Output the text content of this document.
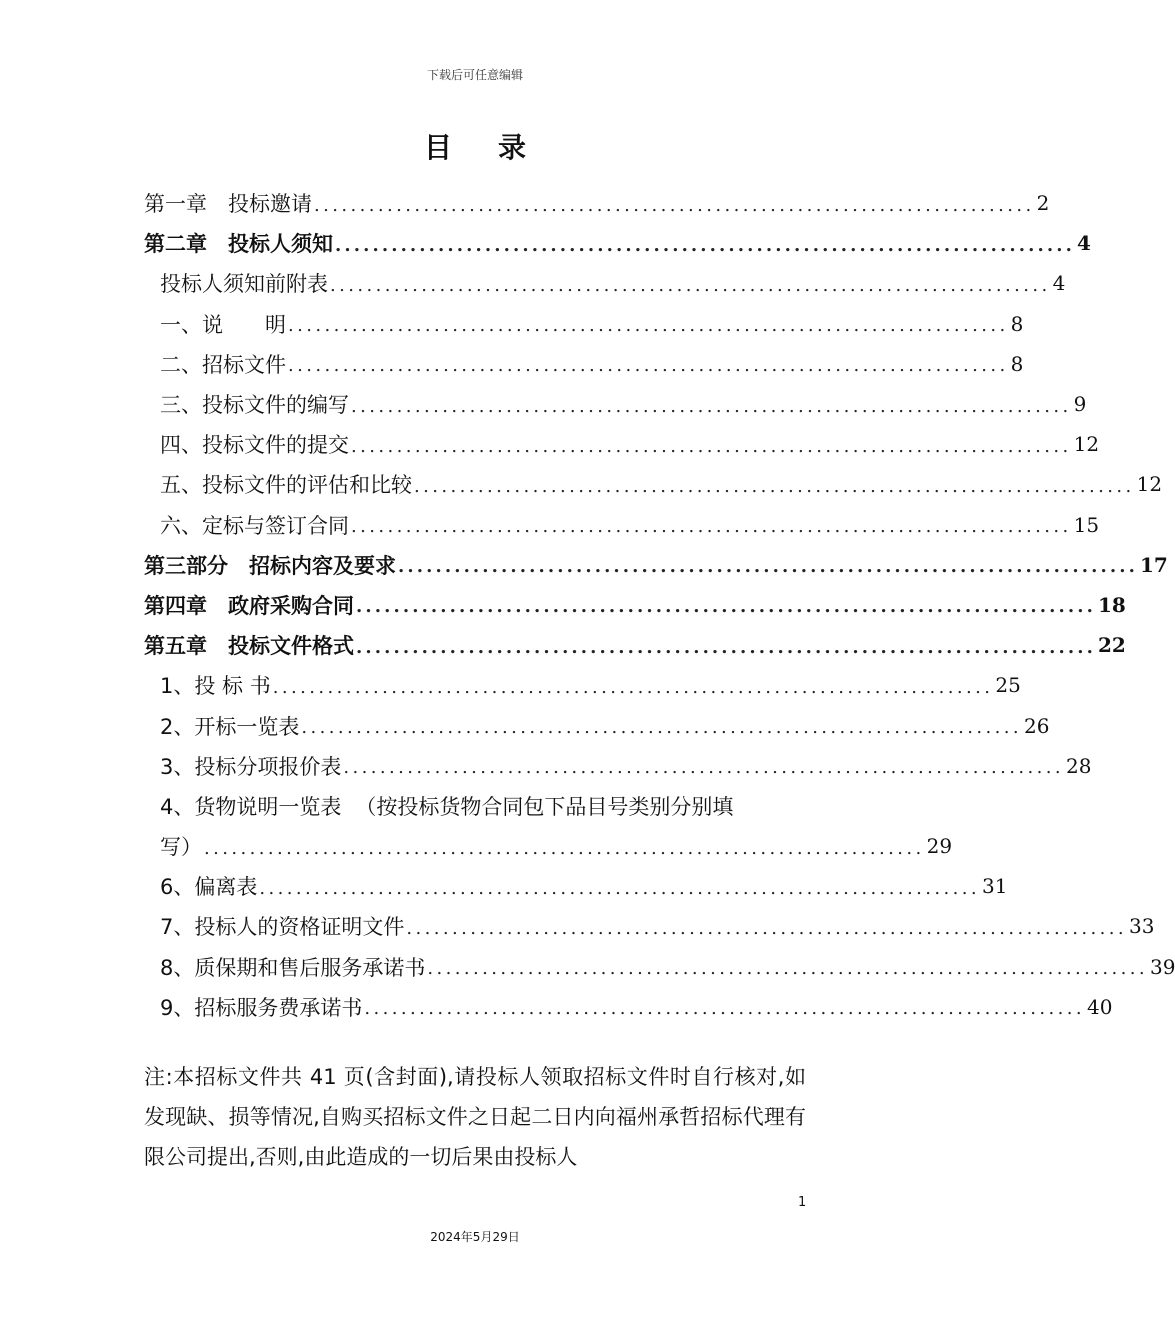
下载后可任意编辑
目 录
第一章　投标邀请 ............................................................................... 2
第二章　投标人须知 ............................................................................... 4
投标人须知前附表 ............................................................................... 4
一、说　　明 ............................................................................... 8
二、招标文件 ............................................................................... 8
三、投标文件的编写 ............................................................................... 9
四、投标文件的提交 ............................................................................... 12
五、投标文件的评估和比较 ............................................................................... 12
六、定标与签订合同 ............................................................................... 15
第三部分　招标内容及要求 ............................................................................... 17
第四章　政府采购合同 ............................................................................... 18
第五章　投标文件格式 ............................................................................... 22
1、投 标 书 ............................................................................... 25
2、开标一览表 ............................................................................... 26
3、投标分项报价表 ............................................................................... 28
4、货物说明一览表 （按投标货物合同包下品目号类别分别填
写） ............................................................................... 29
6、偏离表 ............................................................................... 31
7、投标人的资格证明文件 ............................................................................... 33
8、质保期和售后服务承诺书 ............................................................................... 39
9、招标服务费承诺书 ............................................................................... 40
注:本招标文件共 41 页(含封面),请投标人领取招标文件时自行核对,如发现缺、损等情况,自购买招标文件之日起二日内向福州承哲招标代理有限公司提出,否则,由此造成的一切后果由投标人
1
2024年5月29日
